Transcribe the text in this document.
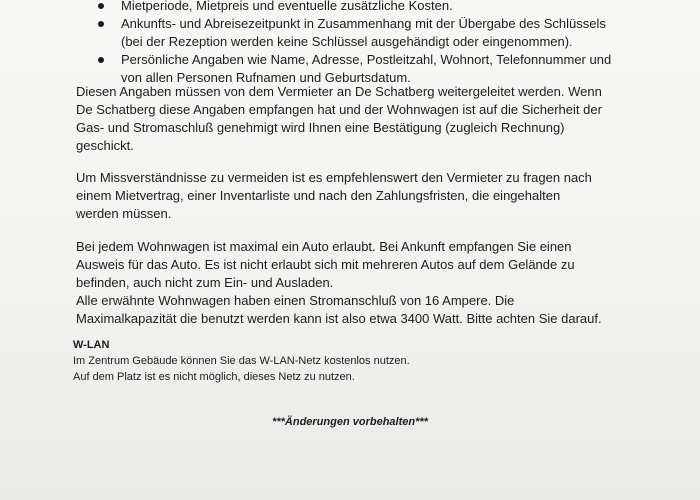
Mietperiode, Mietpreis und eventuelle zusätzliche Kosten.
Ankunfts- und Abreisezeitpunkt in Zusammenhang mit der Übergabe des Schlüssels
(bei der Rezeption werden keine Schlüssel ausgehändigt oder eingenommen).
Persönliche Angaben wie Name, Adresse, Postleitzahl, Wohnort, Telefonnummer und
von allen Personen Rufnamen und Geburtsdatum.

Diesen Angaben müssen von dem Vermieter an De Schatberg weitergeleitet werden. Wenn
De Schatberg diese Angaben empfangen hat und der Wohnwagen ist auf die Sicherheit der
Gas- und Stromaschluß genehmigt wird Ihnen eine Bestätigung (zugleich Rechnung)
geschickt.

Um Missverständnisse zu vermeiden ist es empfehlenswert den Vermieter zu fragen nach
einem Mietvertrag, einer Inventarliste und nach den Zahlungsfristen, die eingehalten
werden müssen.

Bei jedem Wohnwagen ist maximal ein Auto erlaubt. Bei Ankunft empfangen Sie einen
Ausweis für das Auto. Es ist nicht erlaubt sich mit mehreren Autos auf dem Gelände zu
befinden, auch nicht zum Ein- und Ausladen.
Alle erwähnte Wohnwagen haben einen Stromanschluß von 16 Ampere. Die
Maximalkapazität die benutzt werden kann ist also etwa 3400 Watt. Bitte achten Sie darauf.

W-LAN

Im Zentrum Gebäude können Sie das W-LAN-Netz kostenlos nutzen.
Auf dem Platz ist es nicht möglich, dieses Netz zu nutzen.

***Änderungen vorbehalten***
